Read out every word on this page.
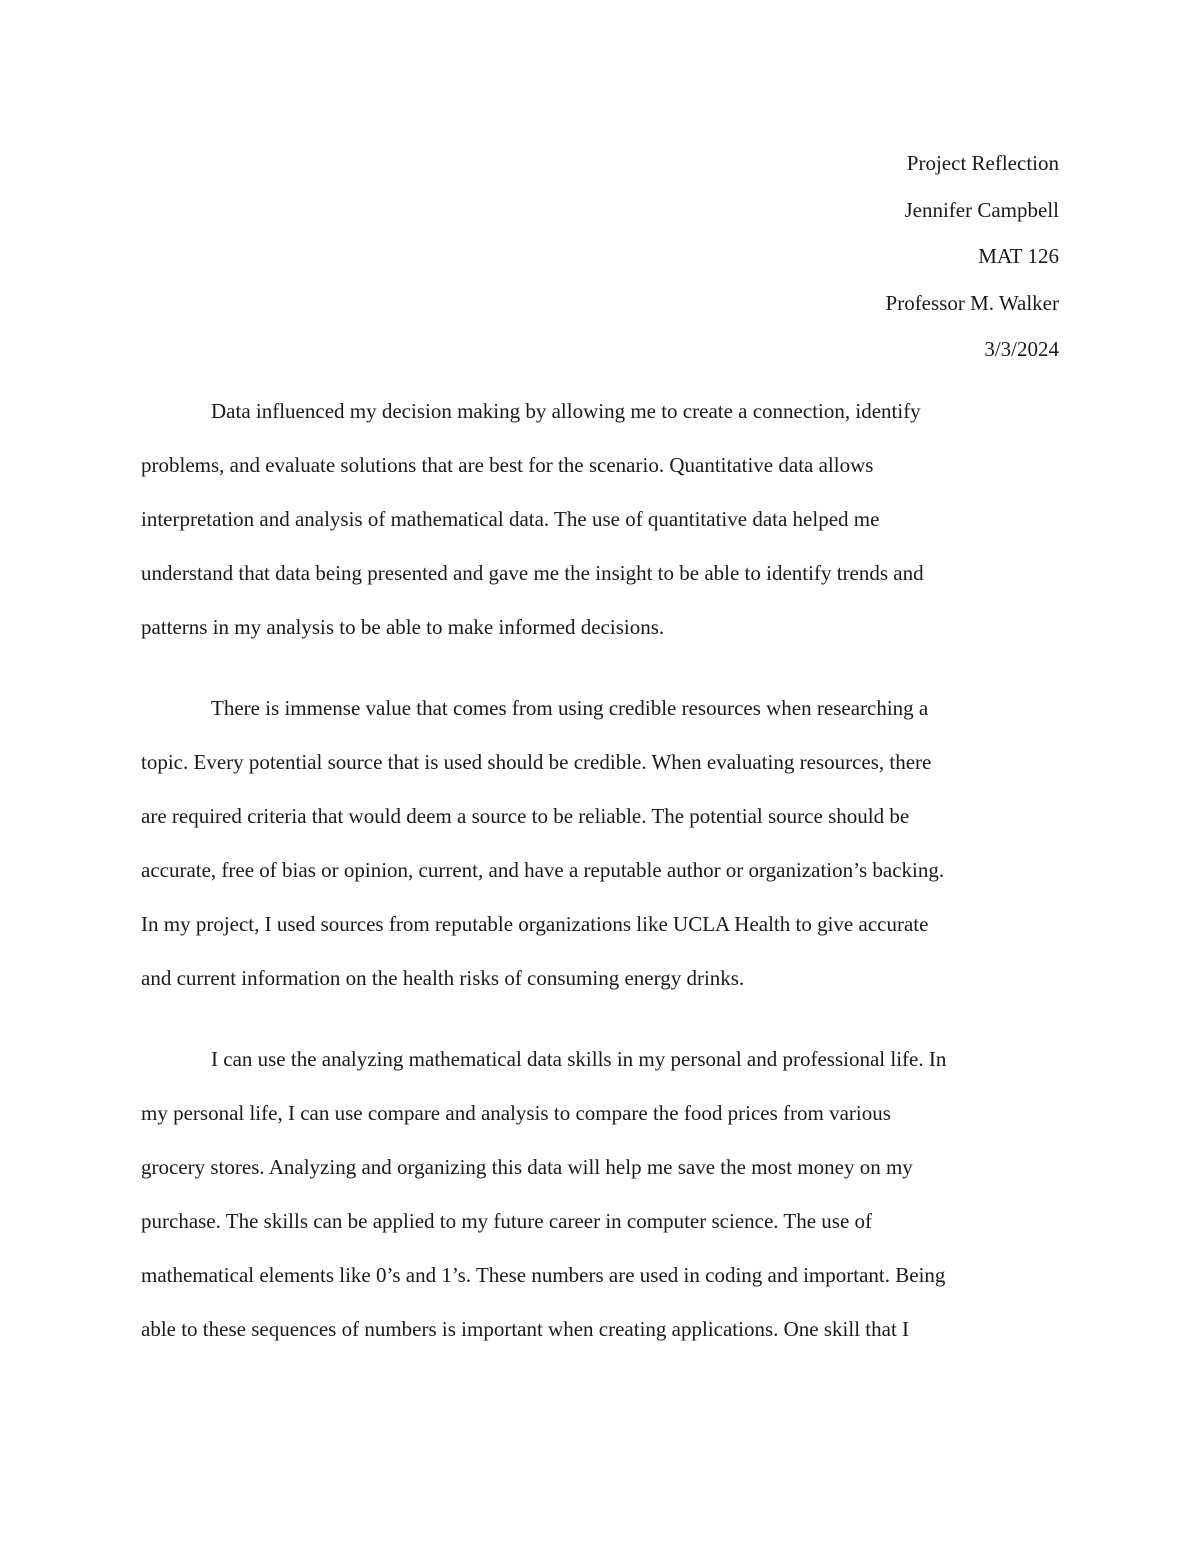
Project Reflection
Jennifer Campbell
MAT 126
Professor M. Walker
3/3/2024

Data influenced my decision making by allowing me to create a connection, identify
problems, and evaluate solutions that are best for the scenario. Quantitative data allows
interpretation and analysis of mathematical data. The use of quantitative data helped me
understand that data being presented and gave me the insight to be able to identify trends and
patterns in my analysis to be able to make informed decisions.

There is immense value that comes from using credible resources when researching a
topic. Every potential source that is used should be credible. When evaluating resources, there
are required criteria that would deem a source to be reliable. The potential source should be
accurate, free of bias or opinion, current, and have a reputable author or organization’s backing.
In my project, I used sources from reputable organizations like UCLA Health to give accurate
and current information on the health risks of consuming energy drinks.

I can use the analyzing mathematical data skills in my personal and professional life. In
my personal life, I can use compare and analysis to compare the food prices from various
grocery stores. Analyzing and organizing this data will help me save the most money on my
purchase. The skills can be applied to my future career in computer science. The use of
mathematical elements like 0’s and 1’s. These numbers are used in coding and important. Being
able to these sequences of numbers is important when creating applications. One skill that I
